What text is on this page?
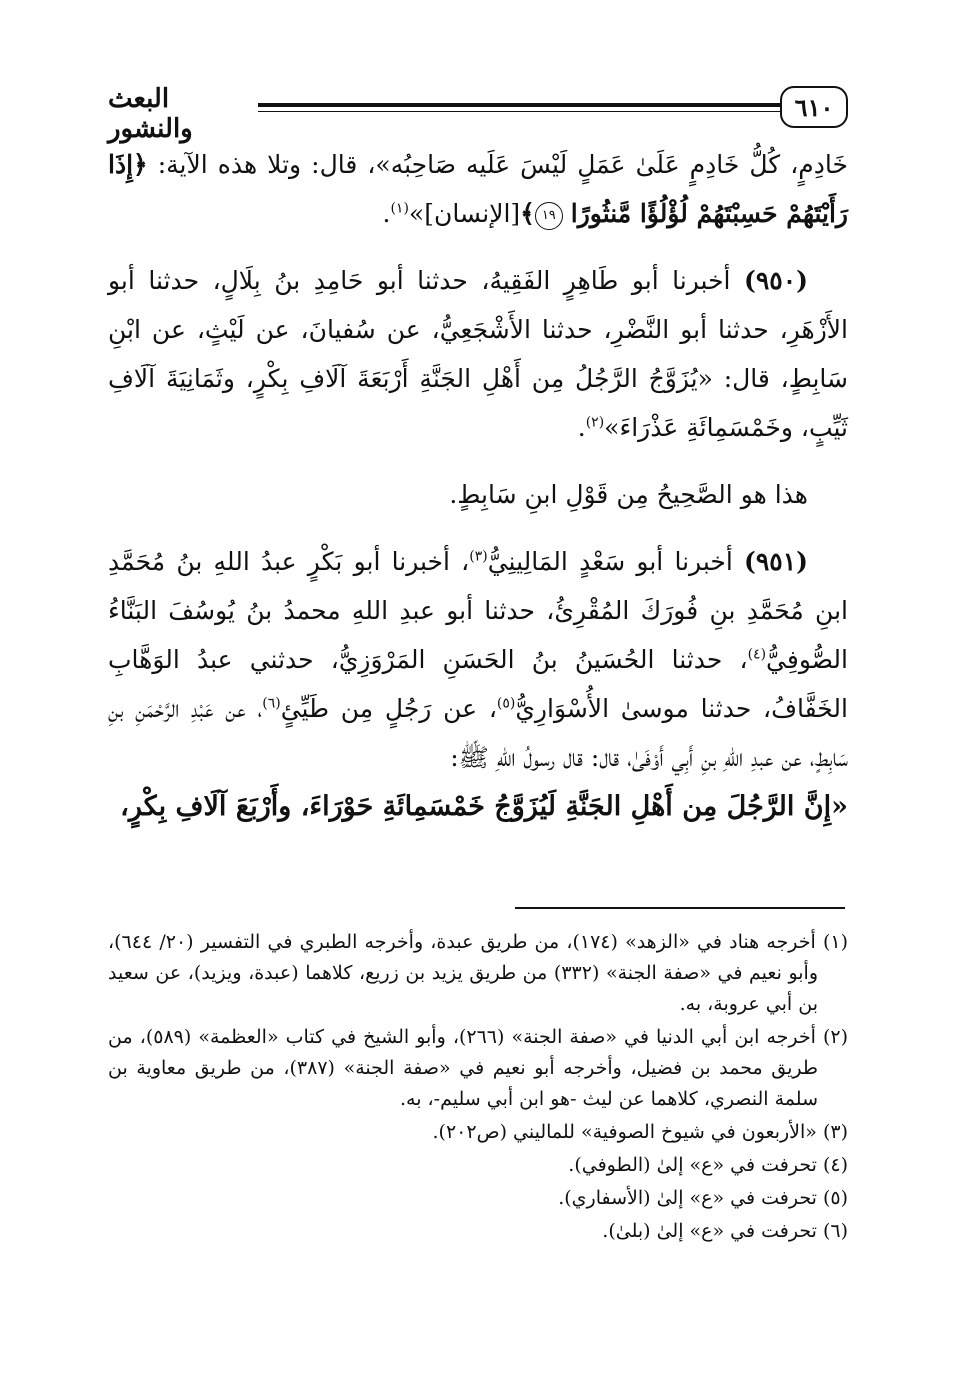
٦١٠
البعث والنشور

خَادِمٍ، كُلُّ خَادِمٍ عَلَىٰ عَمَلٍ لَيْسَ عَلَيه صَاحِبُه»، قال: وتلا هذه الآية: ﴿إِذَا رَأَيْتَهُمْ حَسِبْتَهُمْ لُؤْلُؤًا مَّنثُورًا ١٩﴾[الإنسان]»$^{(١)}$.

(٩٥٠) أخبرنا أبو طَاهِرٍ الفَقِيهُ، حدثنا أبو حَامِدِ بنُ بِلَالٍ، حدثنا أبو الأَزْهَرِ، حدثنا أبو النَّضْرِ، حدثنا الأَشْجَعِيُّ، عن سُفيانَ، عن لَيْثٍ، عن ابْنِ سَابِطٍ، قال: «يُزَوَّجُ الرَّجُلُ مِن أَهْلِ الجَنَّةِ أَرْبَعَةَ آلَافِ بِكْرٍ، وثَمَانِيَةَ آلَافِ ثَيِّبٍ، وخَمْسَمِائَةِ عَذْرَاءَ»$^{(٢)}$.

هذا هو الصَّحِيحُ مِن قَوْلِ ابنِ سَابِطٍ.

(٩٥١) أخبرنا أبو سَعْدٍ المَالِينِيُّ$^{(٣)}$، أخبرنا أبو بَكْرٍ عبدُ اللهِ بنُ مُحَمَّدِ ابنِ مُحَمَّدِ بنِ فُورَكَ المُقْرِئُ، حدثنا أبو عبدِ اللهِ محمدُ بنُ يُوسُفَ البَنَّاءُ الصُّوفِيُّ$^{(٤)}$، حدثنا الحُسَينُ بنُ الحَسَنِ المَرْوَزِيُّ، حدثني عبدُ الوَهَّابِ الخَفَّافُ، حدثنا موسىٰ الأُسْوَارِيُّ$^{(٥)}$، عن رَجُلٍ مِن طَيِّئٍ$^{(٦)}$، عن عَبْدِ الرَّحْمَنِ بنِ سَابِطٍ، عن عبدِ اللهِ بنِ أَبِي أَوْفَىٰ، قال: قال رسولُ اللهِ ﷺ:

«إِنَّ الرَّجُلَ مِن أَهْلِ الجَنَّةِ لَيُزَوَّجُ خَمْسَمِائَةِ حَوْرَاءَ، وأَرْبَعَ آلَافِ بِكْرٍ،

(١) أخرجه هناد في «الزهد» (١٧٤)، من طريق عبدة، وأخرجه الطبري في التفسير (٢٠/ ٦٤٤)، وأبو نعيم في «صفة الجنة» (٣٣٢) من طريق يزيد بن زريع، كلاهما (عبدة، ويزيد)، عن سعيد بن أبي عروبة، به.

(٢) أخرجه ابن أبي الدنيا في «صفة الجنة» (٢٦٦)، وأبو الشيخ في كتاب «العظمة» (٥٨٩)، من طريق محمد بن فضيل، وأخرجه أبو نعيم في «صفة الجنة» (٣٨٧)، من طريق معاوية بن سلمة النصري، كلاهما عن ليث -هو ابن أبي سليم-، به.

(٣) «الأربعون في شيوخ الصوفية» للماليني (ص٢٠٢).

(٤) تحرفت في «ع» إلىٰ (الطوفي).

(٥) تحرفت في «ع» إلىٰ (الأسفاري).

(٦) تحرفت في «ع» إلىٰ (بلىٰ).
